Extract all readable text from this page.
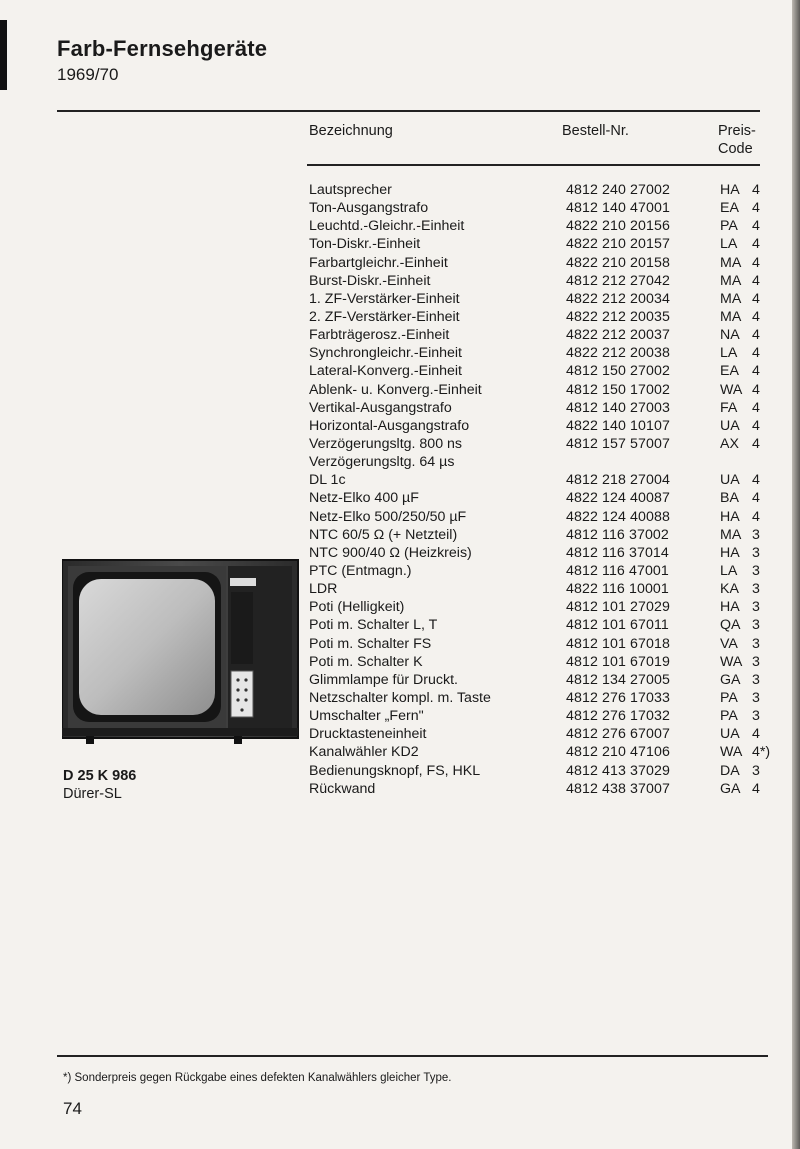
Farb-Fernsehgeräte
1969/70
Bezeichnung	Bestell-Nr.	Preis-
Code
Lautsprecher	4812 240 27002	HA 4
Ton-Ausgangstrafo	4812 140 47001	EA 4
Leuchtd.-Gleichr.-Einheit	4822 210 20156	PA 4
Ton-Diskr.-Einheit	4822 210 20157	LA 4
Farbartgleichr.-Einheit	4822 210 20158	MA 4
Burst-Diskr.-Einheit	4812 212 27042	MA 4
1. ZF-Verstärker-Einheit	4822 212 20034	MA 4
2. ZF-Verstärker-Einheit	4822 212 20035	MA 4
Farbträgerosz.-Einheit	4822 212 20037	NA 4
Synchrongleichr.-Einheit	4822 212 20038	LA 4
Lateral-Konverg.-Einheit	4812 150 27002	EA 4
Ablenk- u. Konverg.-Einheit	4812 150 17002	WA 4
Vertikal-Ausgangstrafo	4812 140 27003	FA 4
Horizontal-Ausgangstrafo	4822 140 10107	UA 4
Verzögerungsltg. 800 ns	4812 157 57007	AX 4
Verzögerungsltg. 64 µs
DL 1c	4812 218 27004	UA 4
Netz-Elko 400 µF	4822 124 40087	BA 4
Netz-Elko 500/250/50 µF	4822 124 40088	HA 4
NTC 60/5 Ω (+ Netzteil)	4812 116 37002	MA 3
NTC 900/40 Ω (Heizkreis)	4812 116 37014	HA 3
PTC (Entmagn.)	4812 116 47001	LA 3
LDR	4822 116 10001	KA 3
Poti (Helligkeit)	4812 101 27029	HA 3
Poti m. Schalter L, T	4812 101 67011	QA 3
Poti m. Schalter FS	4812 101 67018	VA 3
Poti m. Schalter K	4812 101 67019	WA 3
Glimmlampe für Druckt.	4812 134 27005	GA 3
Netzschalter kompl. m. Taste	4812 276 17033	PA 3
Umschalter „Fern"	4812 276 17032	PA 3
Drucktasteneinheit	4812 276 67007	UA 4
Kanalwähler KD2	4812 210 47106	WA 4*)
Bedienungsknopf, FS, HKL	4812 413 37029	DA 3
Rückwand	4812 438 37007	GA 4
D 25 K 986
Dürer-SL
*) Sonderpreis gegen Rückgabe eines defekten Kanalwählers gleicher Type.
74
